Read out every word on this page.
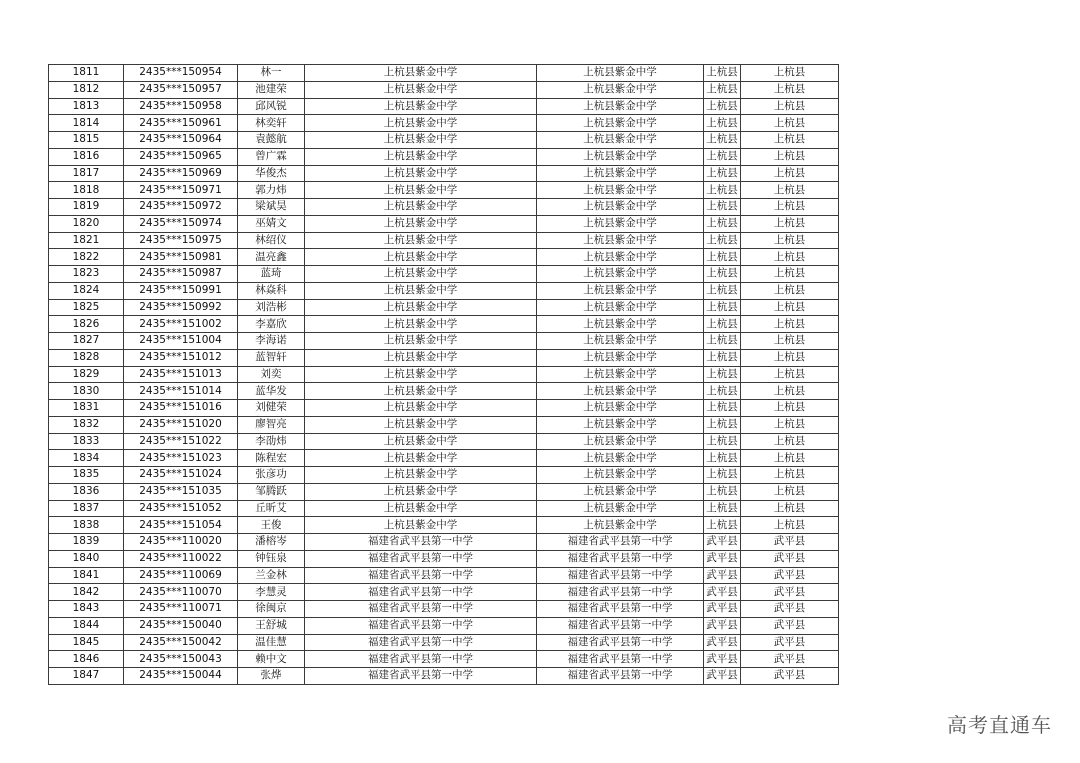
1811	2435***150954	林一	上杭县紫金中学	上杭县紫金中学	上杭县	上杭县
1812	2435***150957	池建荣	上杭县紫金中学	上杭县紫金中学	上杭县	上杭县
1813	2435***150958	邱风锐	上杭县紫金中学	上杭县紫金中学	上杭县	上杭县
1814	2435***150961	林奕轩	上杭县紫金中学	上杭县紫金中学	上杭县	上杭县
1815	2435***150964	袁懿航	上杭县紫金中学	上杭县紫金中学	上杭县	上杭县
1816	2435***150965	曾广霖	上杭县紫金中学	上杭县紫金中学	上杭县	上杭县
1817	2435***150969	华俊杰	上杭县紫金中学	上杭县紫金中学	上杭县	上杭县
1818	2435***150971	郭力炜	上杭县紫金中学	上杭县紫金中学	上杭县	上杭县
1819	2435***150972	梁斌昊	上杭县紫金中学	上杭县紫金中学	上杭县	上杭县
1820	2435***150974	巫婧文	上杭县紫金中学	上杭县紫金中学	上杭县	上杭县
1821	2435***150975	林绍仪	上杭县紫金中学	上杭县紫金中学	上杭县	上杭县
1822	2435***150981	温亮鑫	上杭县紫金中学	上杭县紫金中学	上杭县	上杭县
1823	2435***150987	蓝琦	上杭县紫金中学	上杭县紫金中学	上杭县	上杭县
1824	2435***150991	林焱科	上杭县紫金中学	上杭县紫金中学	上杭县	上杭县
1825	2435***150992	刘浩彬	上杭县紫金中学	上杭县紫金中学	上杭县	上杭县
1826	2435***151002	李嘉欣	上杭县紫金中学	上杭县紫金中学	上杭县	上杭县
1827	2435***151004	李海诺	上杭县紫金中学	上杭县紫金中学	上杭县	上杭县
1828	2435***151012	蓝智轩	上杭县紫金中学	上杭县紫金中学	上杭县	上杭县
1829	2435***151013	刘奕	上杭县紫金中学	上杭县紫金中学	上杭县	上杭县
1830	2435***151014	蓝华发	上杭县紫金中学	上杭县紫金中学	上杭县	上杭县
1831	2435***151016	刘健荣	上杭县紫金中学	上杭县紫金中学	上杭县	上杭县
1832	2435***151020	廖智亮	上杭县紫金中学	上杭县紫金中学	上杭县	上杭县
1833	2435***151022	李劭炜	上杭县紫金中学	上杭县紫金中学	上杭县	上杭县
1834	2435***151023	陈程宏	上杭县紫金中学	上杭县紫金中学	上杭县	上杭县
1835	2435***151024	张彦功	上杭县紫金中学	上杭县紫金中学	上杭县	上杭县
1836	2435***151035	邹腾跃	上杭县紫金中学	上杭县紫金中学	上杭县	上杭县
1837	2435***151052	丘昕艾	上杭县紫金中学	上杭县紫金中学	上杭县	上杭县
1838	2435***151054	王俊	上杭县紫金中学	上杭县紫金中学	上杭县	上杭县
1839	2435***110020	潘榕岑	福建省武平县第一中学	福建省武平县第一中学	武平县	武平县
1840	2435***110022	钟钰泉	福建省武平县第一中学	福建省武平县第一中学	武平县	武平县
1841	2435***110069	兰金林	福建省武平县第一中学	福建省武平县第一中学	武平县	武平县
1842	2435***110070	李慧灵	福建省武平县第一中学	福建省武平县第一中学	武平县	武平县
1843	2435***110071	徐闽京	福建省武平县第一中学	福建省武平县第一中学	武平县	武平县
1844	2435***150040	王舒城	福建省武平县第一中学	福建省武平县第一中学	武平县	武平县
1845	2435***150042	温佳慧	福建省武平县第一中学	福建省武平县第一中学	武平县	武平县
1846	2435***150043	赖中文	福建省武平县第一中学	福建省武平县第一中学	武平县	武平县
1847	2435***150044	张烨	福建省武平县第一中学	福建省武平县第一中学	武平县	武平县
高考直通车
